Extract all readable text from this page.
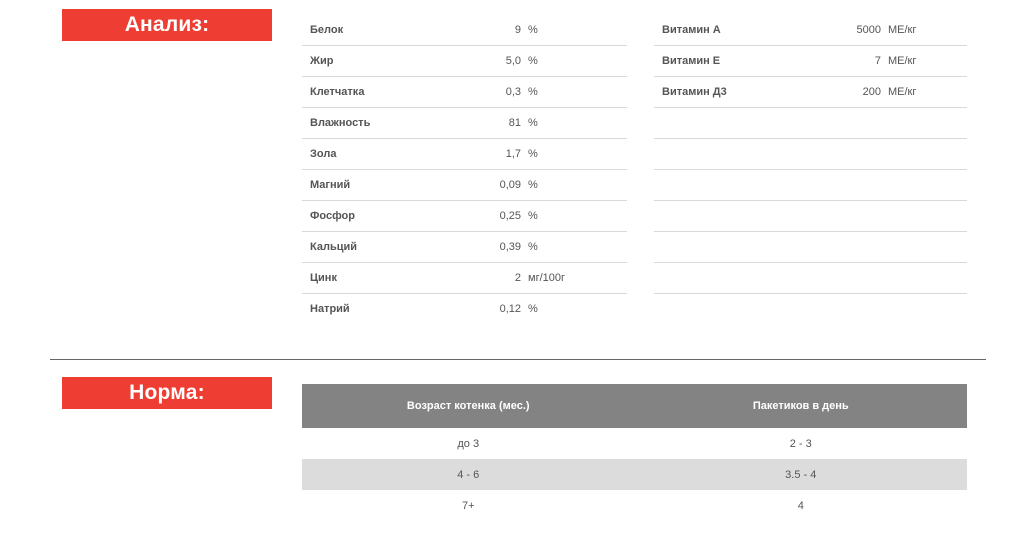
Анализ:	Белок	9 %
Жир	5,0 %
Клетчатка	0,3 %
Влажность	81 %
Зола	1,7 %
Магний	0,09 %
Фосфор	0,25 %
Кальций	0,39 %
Цинк	2 мг/100г
Натрий	0,12 %
Витамин А	5000 МЕ/кг
Витамин Е	7 МЕ/кг
Витамин Д3	200 МЕ/кг
Норма:
Возраст котенка (мес.)	Пакетиков в день
до 3	2 - 3
4 - 6	3.5 - 4
7+	4
